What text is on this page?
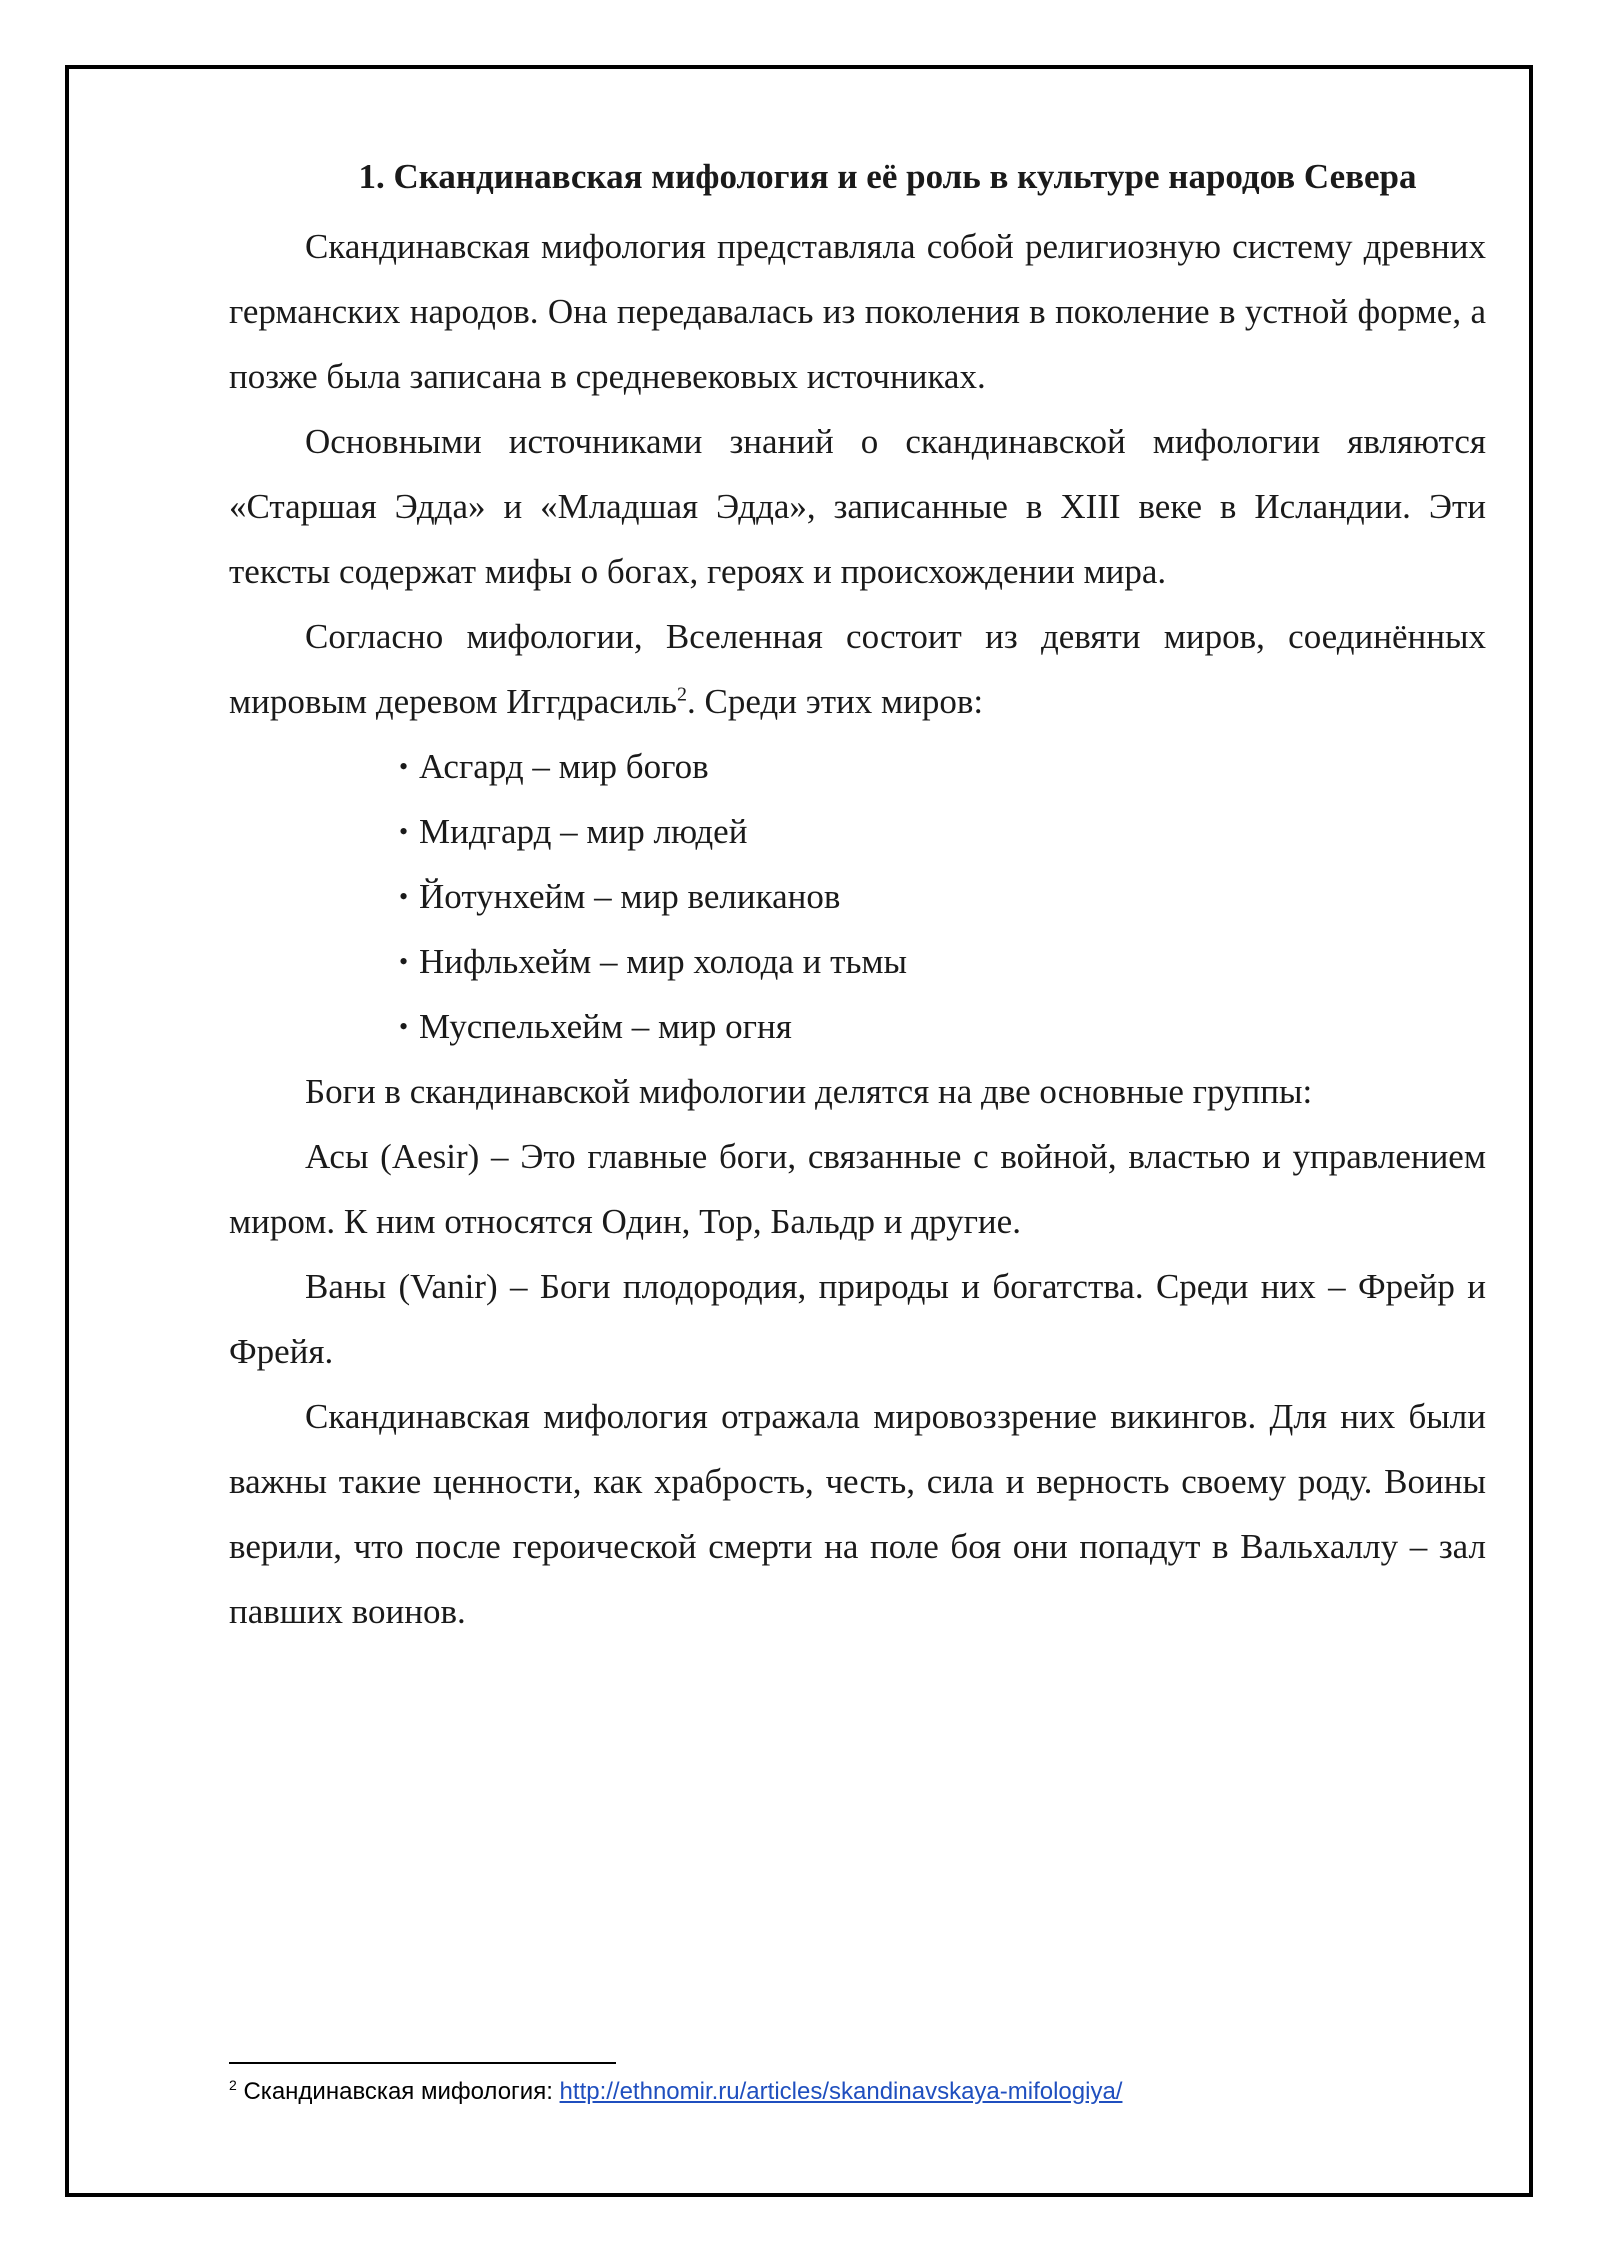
1. Скандинавская мифология и её роль в культуре народов Севера

Скандинавская мифология представляла собой религиозную систему древних германских народов. Она передавалась из поколения в поколение в устной форме, а позже была записана в средневековых источниках.

Основными источниками знаний о скандинавской мифологии являются «Старшая Эдда» и «Младшая Эдда», записанные в XIII веке в Исландии. Эти тексты содержат мифы о богах, героях и происхождении мира.

Согласно мифологии, Вселенная состоит из девяти миров, соединённых мировым деревом Иггдрасиль$^2$. Среди этих миров:

• Асгард – мир богов
• Мидгард – мир людей
• Йотунхейм – мир великанов
• Нифльхейм – мир холода и тьмы
• Муспельхейм – мир огня

Боги в скандинавской мифологии делятся на две основные группы:

Асы (Aesir) – Это главные боги, связанные с войной, властью и управлением миром. К ним относятся Один, Тор, Бальдр и другие.

Ваны (Vanir) – Боги плодородия, природы и богатства. Среди них – Фрейр и Фрейя.

Скандинавская мифология отражала мировоззрение викингов. Для них были важны такие ценности, как храбрость, честь, сила и верность своему роду. Воины верили, что после героической смерти на поле боя они попадут в Вальхаллу – зал павших воинов.

$^2$ Скандинавская мифология: http://ethnomir.ru/articles/skandinavskaya-mifologiya/
